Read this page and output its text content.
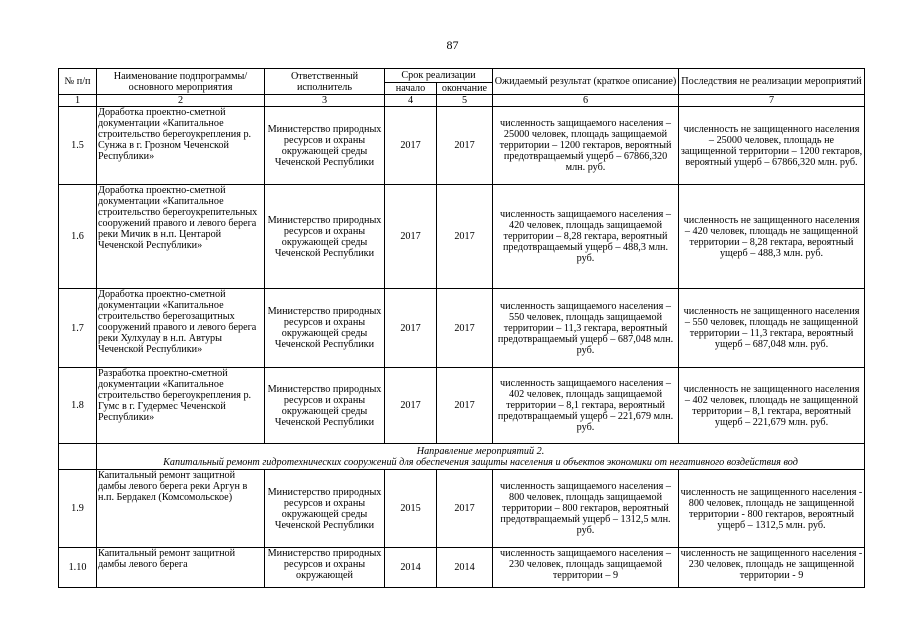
87
№ п/п	Наименование подпрограммы/ основного мероприятия	Ответственный исполнитель	Срок реализации		Ожидаемый результат (краткое описание)	Последствия не реализации мероприятий
			начало	окончание		
1	2	3	4	5	6	7
1.5	Доработка проектно-сметной документации «Капитальное строительство берегоукрепления р. Сунжа в г. Грозном Чеченской Республики»	Министерство природных ресурсов и охраны окружающей среды Чеченской Республики	2017	2017	численность защищаемого населения – 25000 человек, площадь защищаемой территории – 1200 гектаров, вероятный предотвращаемый ущерб – 67866,320 млн. руб.	численность не защищенного населения – 25000 человек, площадь не защищенной территории – 1200 гектаров, вероятный ущерб – 67866,320 млн. руб.
1.6	Доработка проектно-сметной документации «Капитальное строительство берегоукрепительных сооружений правого и левого берега реки Мичик в н.п. Центарой Чеченской Республики»	Министерство природных ресурсов и охраны окружающей среды Чеченской Республики	2017	2017	численность защищаемого населения – 420 человек, площадь защищаемой территории – 8,28 гектара, вероятный предотвращаемый ущерб – 488,3 млн. руб.	численность не защищенного населения – 420 человек, площадь не защищенной территории – 8,28 гектара, вероятный ущерб – 488,3 млн. руб.
1.7	Доработка проектно-сметной документации «Капитальное строительство берегозащитных сооружений правого и левого берега реки Хулхулау в н.п. Автуры Чеченской Республики»	Министерство природных ресурсов и охраны окружающей среды Чеченской Республики	2017	2017	численность защищаемого населения – 550 человек, площадь защищаемой территории – 11,3 гектара, вероятный предотвращаемый ущерб – 687,048 млн. руб.	численность не защищенного населения – 550 человек, площадь не защищенной территории – 11,3 гектара, вероятный ущерб – 687,048 млн. руб.
1.8	Разработка проектно-сметной документации «Капитальное строительство берегоукрепления р. Гумс в г. Гудермес Чеченской Республики»	Министерство природных ресурсов и охраны окружающей среды Чеченской Республики	2017	2017	численность защищаемого населения – 402 человек, площадь защищаемой территории – 8,1 гектара, вероятный предотвращаемый ущерб – 221,679 млн. руб.	численность не защищенного населения – 402 человек, площадь не защищенной территории – 8,1 гектара, вероятный ущерб – 221,679 млн. руб.

	Направление мероприятий 2.
Капитальный ремонт гидротехнических сооружений для обеспечения защиты населения и объектов экономики от негативного воздействия вод					

1.9	Капитальный ремонт защитной дамбы левого берега реки Аргун в н.п. Бердакел (Комсомольское)	Министерство природных ресурсов и охраны окружающей среды Чеченской Республики	2015	2017	численность защищаемого населения – 800 человек, площадь защищаемой территории – 800 гектаров, вероятный предотвращаемый ущерб – 1312,5 млн. руб.	численность не защищенного населения - 800 человек, площадь не защищенной территории - 800 гектаров, вероятный ущерб – 1312,5 млн. руб.
1.10	Капитальный ремонт защитной дамбы левого берега	Министерство природных ресурсов и охраны окружающей	2014	2014	численность защищаемого населения – 230 человек, площадь защищаемой территории – 9	численность не защищенного населения - 230 человек, площадь не защищенной территории - 9
